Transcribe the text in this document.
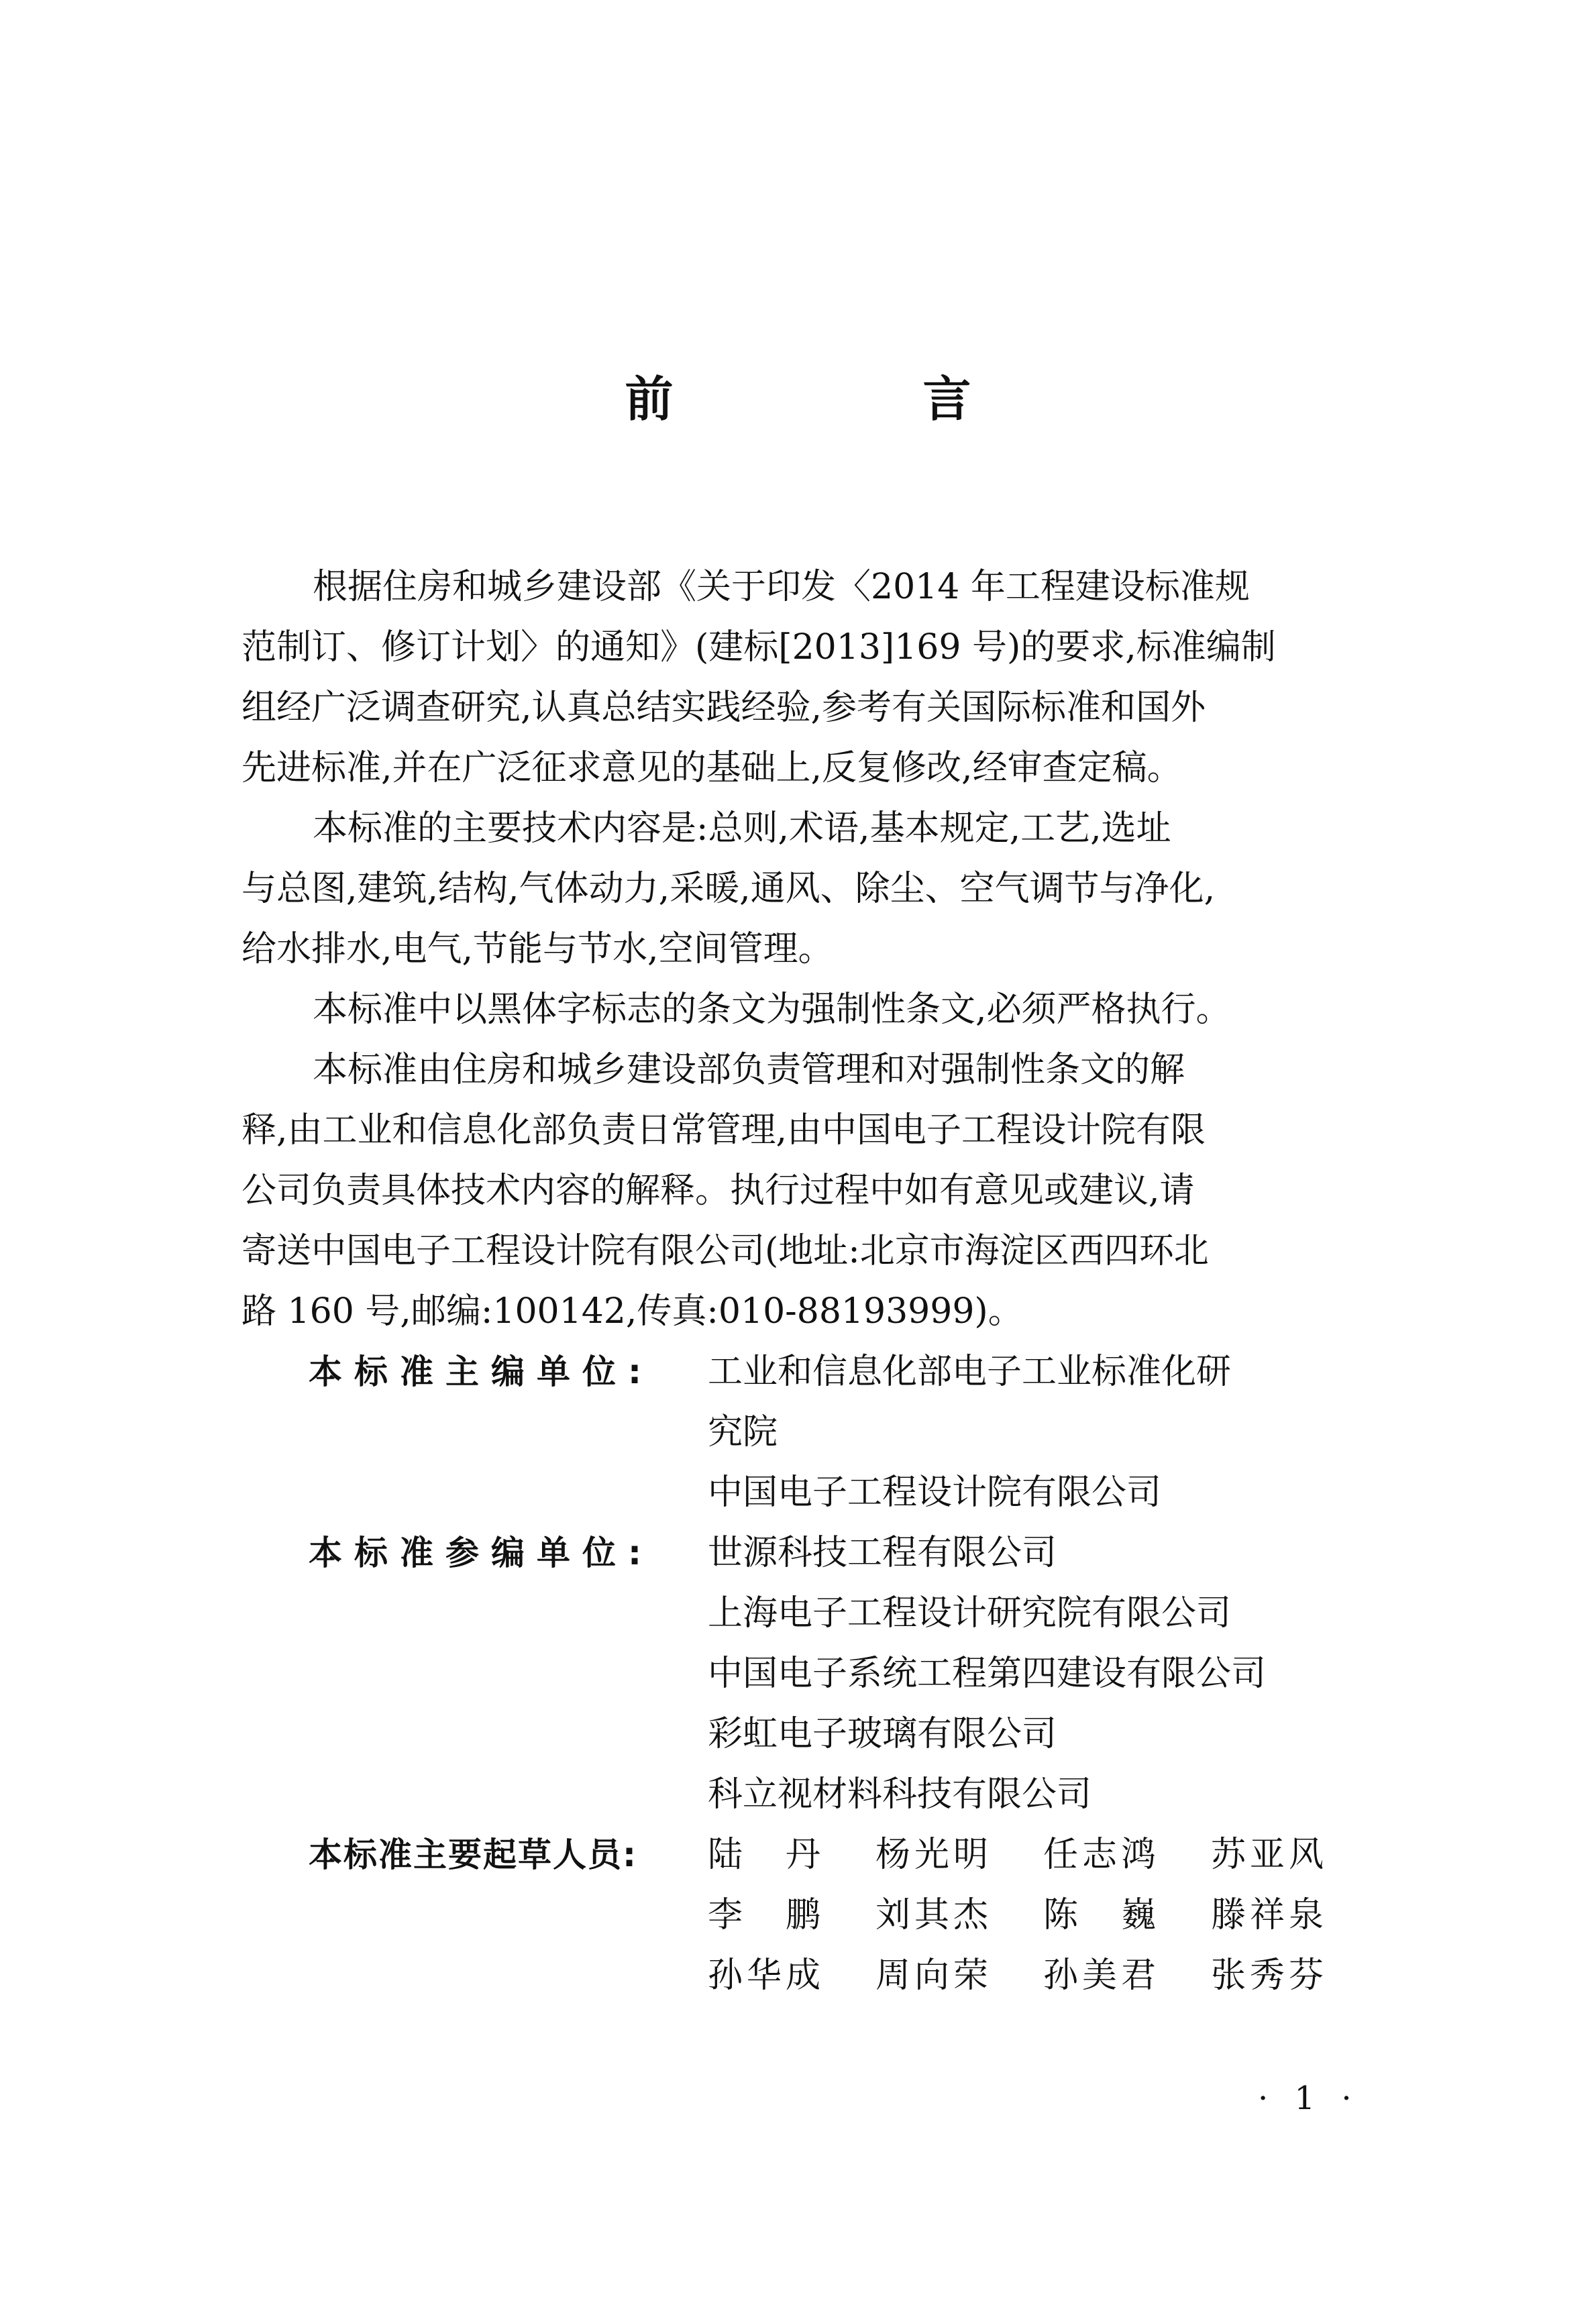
前　言
根据住房和城乡建设部《关于印发〈2014 年工程建设标准规
范制订、修订计划〉的通知》(建标[2013]169 号)的要求,标准编制
组经广泛调查研究,认真总结实践经验,参考有关国际标准和国外
先进标准,并在广泛征求意见的基础上,反复修改,经审查定稿。
本标准的主要技术内容是:总则,术语,基本规定,工艺,选址
与总图,建筑,结构,气体动力,采暖,通风、除尘、空气调节与净化,
给水排水,电气,节能与节水,空间管理。
本标准中以黑体字标志的条文为强制性条文,必须严格执行。
本标准由住房和城乡建设部负责管理和对强制性条文的解
释,由工业和信息化部负责日常管理,由中国电子工程设计院有限
公司负责具体技术内容的解释。执行过程中如有意见或建议,请
寄送中国电子工程设计院有限公司(地址:北京市海淀区西四环北
路 160 号,邮编:100142,传真:010-88193999)。
本标准主编单位:	工业和信息化部电子工业标准化研
究院
中国电子工程设计院有限公司
本标准参编单位:	世源科技工程有限公司
上海电子工程设计研究院有限公司
中国电子系统工程第四建设有限公司
彩虹电子玻璃有限公司
科立视材料科技有限公司
本标准主要起草人员:	陆　丹 杨光明 任志鸿 苏亚风
李　鹏 刘其杰 陈　巍 滕祥泉
孙华成 周向荣 孙美君 张秀芬
· 1 ·
